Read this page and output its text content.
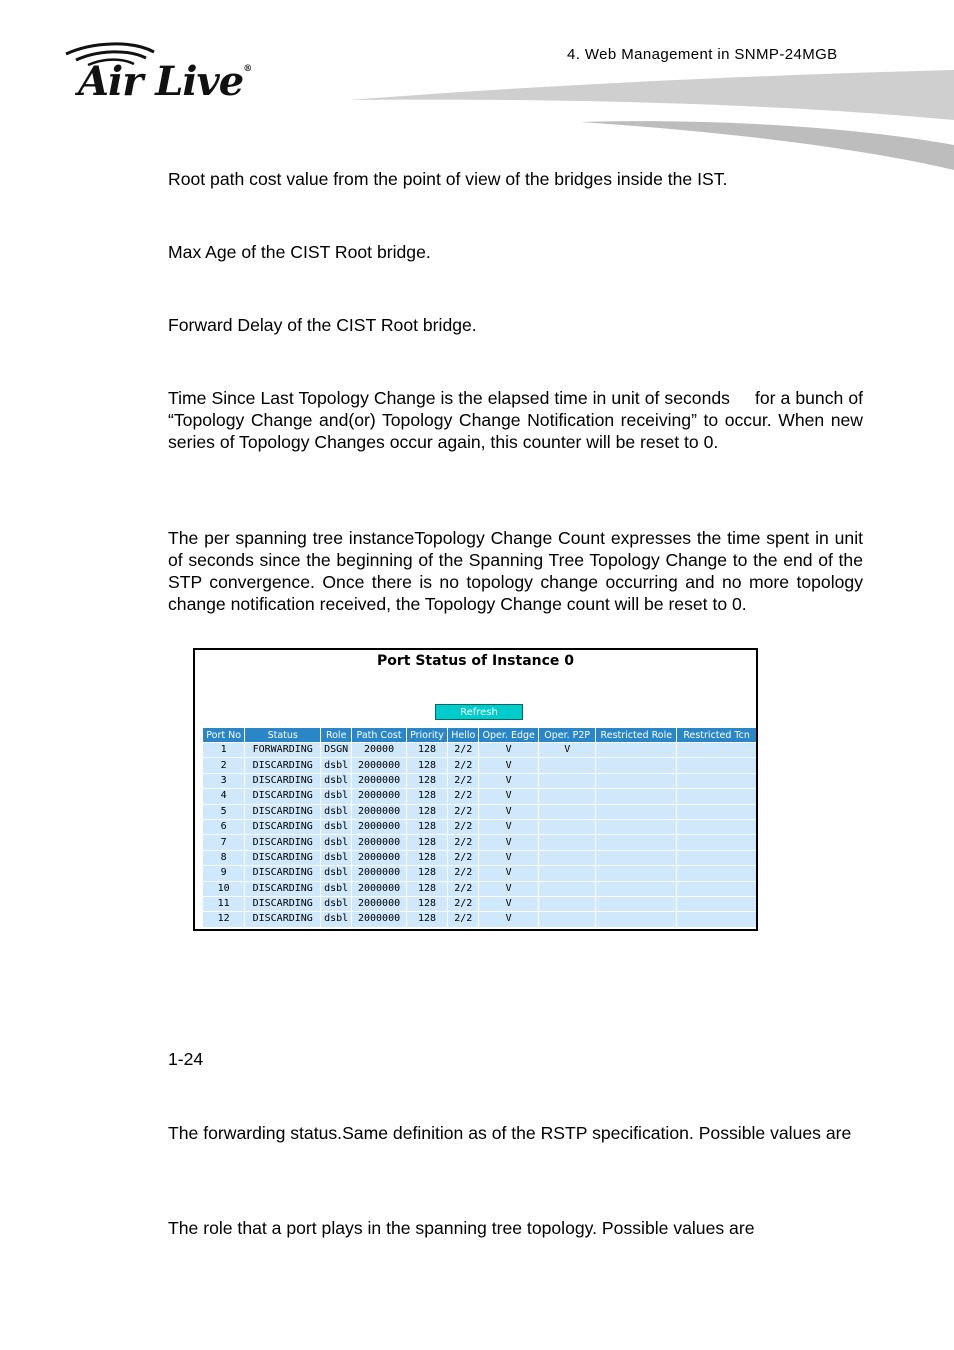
Air Live®
4. Web Management in SNMP-24MGB
Root path cost value from the point of view of the bridges inside the IST.
Max Age of the CIST Root bridge.
Forward Delay of the CIST Root bridge.
Time Since Last Topology Change is the elapsed time in unit of seconds     for a bunch of “Topology Change and(or) Topology Change Notification receiving” to occur. When new series of Topology Changes occur again, this counter will be reset to 0.
The per spanning tree instanceTopology Change Count expresses the time spent in unit of seconds since the beginning of the Spanning Tree Topology Change to the end of the STP convergence. Once there is no topology change occurring and no more topology change notification received, the Topology Change count will be reset to 0.
Port Status of Instance 0
Refresh
Port No	Status	Role	Path Cost	Priority	Hello	Oper. Edge	Oper. P2P	Restricted Role	Restricted Tcn
1	FORWARDING	DSGN	20000	128	2/2	V	V		
2	DISCARDING	dsbl	2000000	128	2/2	V			
3	DISCARDING	dsbl	2000000	128	2/2	V			
4	DISCARDING	dsbl	2000000	128	2/2	V			
5	DISCARDING	dsbl	2000000	128	2/2	V			
6	DISCARDING	dsbl	2000000	128	2/2	V			
7	DISCARDING	dsbl	2000000	128	2/2	V			
8	DISCARDING	dsbl	2000000	128	2/2	V			
9	DISCARDING	dsbl	2000000	128	2/2	V			
10	DISCARDING	dsbl	2000000	128	2/2	V			
11	DISCARDING	dsbl	2000000	128	2/2	V			
12	DISCARDING	dsbl	2000000	128	2/2	V			
1-24
The forwarding status.Same definition as of the RSTP specification. Possible values are
The role that a port plays in the spanning tree topology. Possible values are
